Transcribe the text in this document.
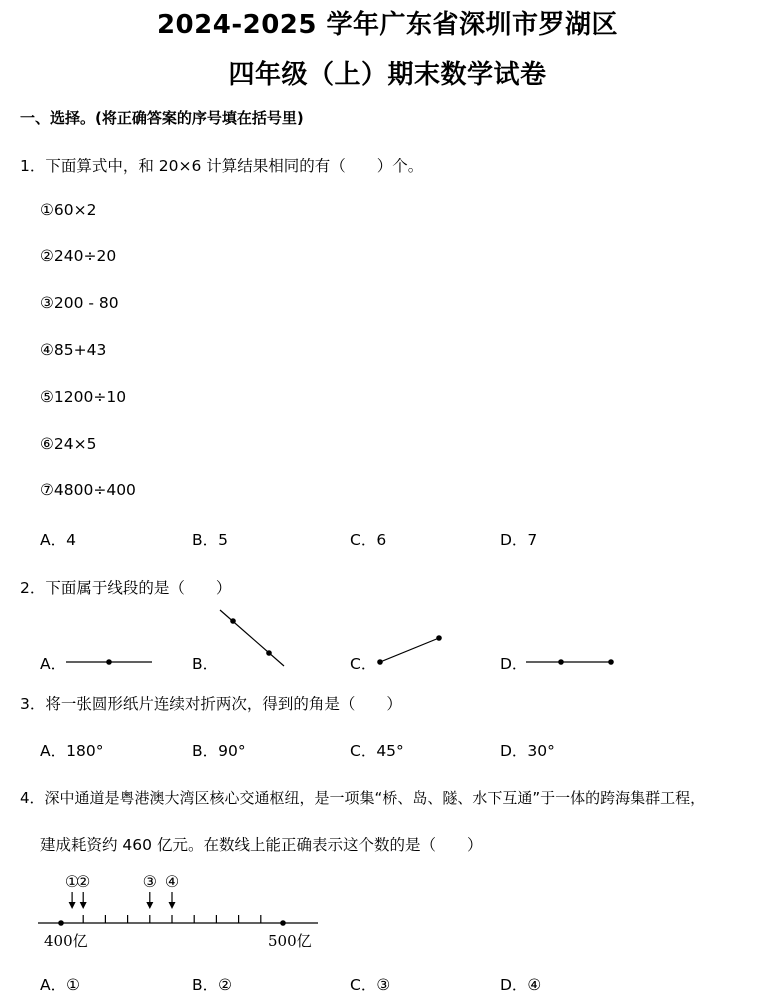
2024-2025 学年广东省深圳市罗湖区
四年级（上）期末数学试卷
一、选择。(将正确答案的序号填在括号里)
1．下面算式中，和 20×6 计算结果相同的有（　　）个。
①60×2
②240÷20
③200 - 80
④85+43
⑤1200÷10
⑥24×5
⑦4800÷400
A．4	B．5	C．6	D．7
2．下面属于线段的是（　　）
A．	B．	C．	D．
3．将一张圆形纸片连续对折两次，得到的角是（　　）
A．180°	B．90°	C．45°	D．30°
4．深中通道是粤港澳大湾区核心交通枢纽，是一项集“桥、岛、隧、水下互通”于一体的跨海集群工程，
建成耗资约 460 亿元。在数线上能正确表示这个数的是（　　）
①
②	③ ④
400亿	500亿
A．①	B．②	C．③	D．④
